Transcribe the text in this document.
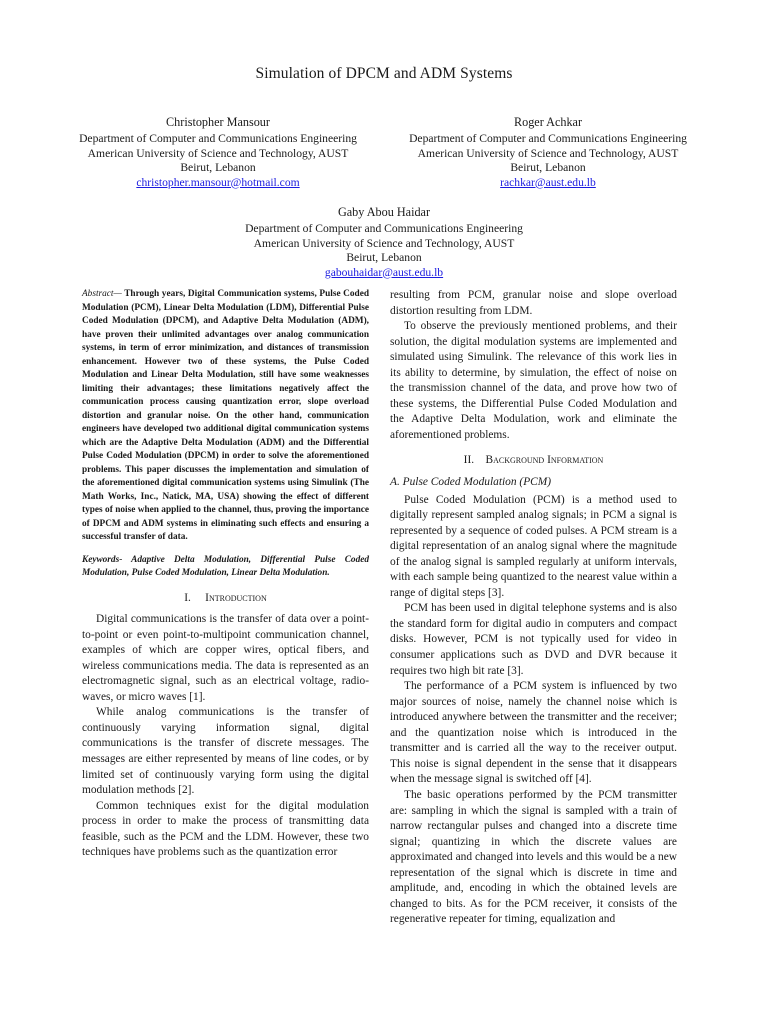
Simulation of DPCM and ADM Systems
Christopher Mansour
Department of Computer and Communications Engineering
American University of Science and Technology, AUST
Beirut, Lebanon
christopher.mansour@hotmail.com
Roger Achkar
Department of Computer and Communications Engineering
American University of Science and Technology, AUST
Beirut, Lebanon
rachkar@aust.edu.lb
Gaby Abou Haidar
Department of Computer and Communications Engineering
American University of Science and Technology, AUST
Beirut, Lebanon
gabouhaidar@aust.edu.lb

Abstract— Through years, Digital Communication systems, Pulse Coded Modulation (PCM), Linear Delta Modulation (LDM), Differential Pulse Coded Modulation (DPCM), and Adaptive Delta Modulation (ADM), have proven their unlimited advantages over analog communication systems, in term of error minimization, and distances of transmission enhancement. However two of these systems, the Pulse Coded Modulation and Linear Delta Modulation, still have some weaknesses limiting their advantages; these limitations negatively affect the communication process causing quantization error, slope overload distortion and granular noise. On the other hand, communication engineers have developed two additional digital communication systems which are the Adaptive Delta Modulation (ADM) and the Differential Pulse Coded Modulation (DPCM) in order to solve the aforementioned problems. This paper discusses the implementation and simulation of the aforementioned digital communication systems using Simulink (The Math Works, Inc., Natick, MA, USA) showing the effect of different types of noise when applied to the channel, thus, proving the importance of DPCM and ADM systems in eliminating such effects and ensuring a successful transfer of data.

Keywords- Adaptive Delta Modulation, Differential Pulse Coded Modulation, Pulse Coded Modulation, Linear Delta Modulation.

I. Introduction

Digital communications is the transfer of data over a point-to-point or even point-to-multipoint communication channel, examples of which are copper wires, optical fibers, and wireless communications media. The data is represented as an electromagnetic signal, such as an electrical voltage, radio-waves, or micro waves [1].

While analog communications is the transfer of continuously varying information signal, digital communications is the transfer of discrete messages. The messages are either represented by means of line codes, or by limited set of continuously varying form using the digital modulation methods [2].

Common techniques exist for the digital modulation process in order to make the process of transmitting data feasible, such as the PCM and the LDM. However, these two techniques have problems such as the quantization error

resulting from PCM, granular noise and slope overload distortion resulting from LDM.

To observe the previously mentioned problems, and their solution, the digital modulation systems are implemented and simulated using Simulink. The relevance of this work lies in its ability to determine, by simulation, the effect of noise on the transmission channel of the data, and prove how two of these systems, the Differential Pulse Coded Modulation and the Adaptive Delta Modulation, work and eliminate the aforementioned problems.

II. Background Information
A. Pulse Coded Modulation (PCM)

Pulse Coded Modulation (PCM) is a method used to digitally represent sampled analog signals; in PCM a signal is represented by a sequence of coded pulses. A PCM stream is a digital representation of an analog signal where the magnitude of the analog signal is sampled regularly at uniform intervals, with each sample being quantized to the nearest value within a range of digital steps [3].

PCM has been used in digital telephone systems and is also the standard form for digital audio in computers and compact disks. However, PCM is not typically used for video in consumer applications such as DVD and DVR because it requires two high bit rate [3].

The performance of a PCM system is influenced by two major sources of noise, namely the channel noise which is introduced anywhere between the transmitter and the receiver; and the quantization noise which is introduced in the transmitter and is carried all the way to the receiver output. This noise is signal dependent in the sense that it disappears when the message signal is switched off [4].

The basic operations performed by the PCM transmitter are: sampling in which the signal is sampled with a train of narrow rectangular pulses and changed into a discrete time signal; quantizing in which the discrete values are approximated and changed into levels and this would be a new representation of the signal which is discrete in time and amplitude, and, encoding in which the obtained levels are changed to bits. As for the PCM receiver, it consists of the regenerative repeater for timing, equalization and
